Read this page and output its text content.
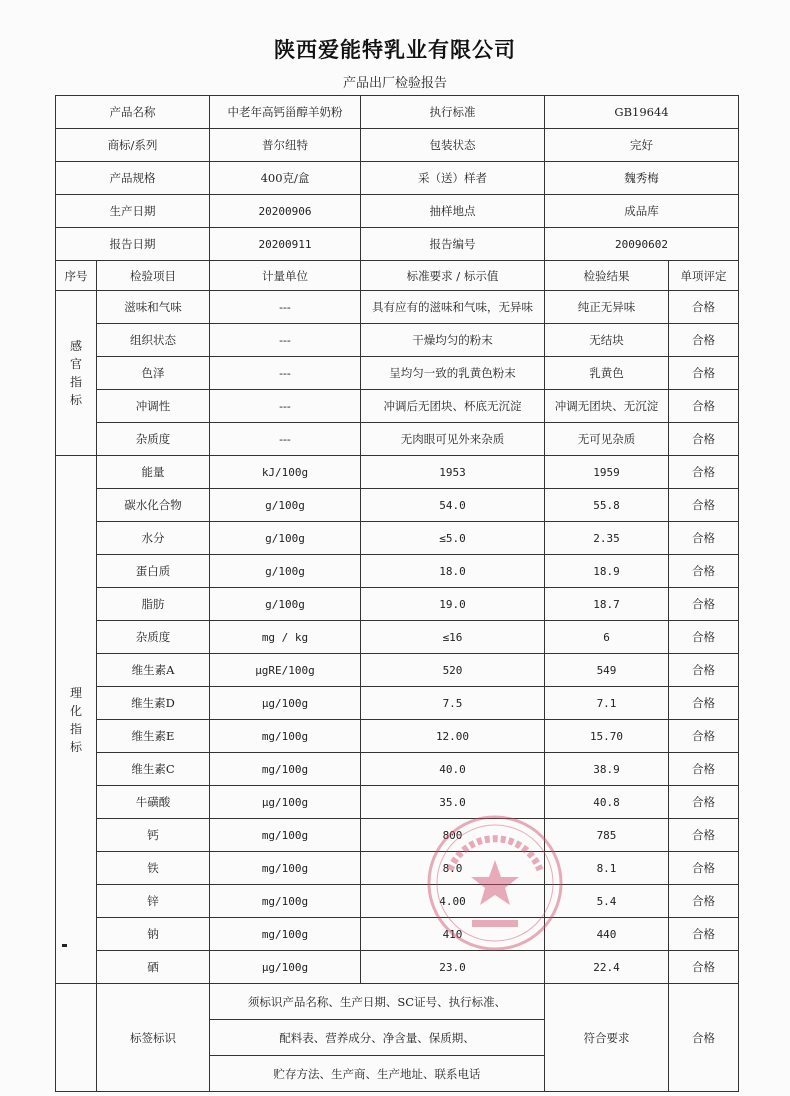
陕西爱能特乳业有限公司
产品出厂检验报告
产品名称		中老年高钙甾醇羊奶粉	执行标准	GB19644	
商标/系列		普尔纽特	包装状态	完好	
产品规格		400克/盒	采（送）样者	魏秀梅	
生产日期		20200906	抽样地点	成品库	
报告日期		20200911	报告编号	20090602	
序号	检验项目	计量单位	标准要求 / 标示值	检验结果	单项评定
感
官
指
标	滋味和气味	---	具有应有的滋味和气味，无异味	纯正无异味	合格
	组织状态	---	干燥均匀的粉末	无结块	合格
	色泽	---	呈均匀一致的乳黄色粉末	乳黄色	合格
	冲调性	---	冲调后无团块、杯底无沉淀	冲调无团块、无沉淀	合格
	杂质度	---	无肉眼可见外来杂质	无可见杂质	合格
理
化
指
标	能量	kJ/100g	1953	1959	合格
	碳水化合物	g/100g	54.0	55.8	合格
	水分	g/100g	≤5.0	2.35	合格
	蛋白质	g/100g	18.0	18.9	合格
	脂肪	g/100g	19.0	18.7	合格
	杂质度	mg / kg	≤16	6	合格
	维生素A	μgRE/100g	520	549	合格
	维生素D	μg/100g	7.5	7.1	合格
	维生素E	mg/100g	12.00	15.70	合格
	维生素C	mg/100g	40.0	38.9	合格
	牛磺酸	μg/100g	35.0	40.8	合格
	钙	mg/100g	800	785	合格
	铁	mg/100g	8.0	8.1	合格
	锌	mg/100g	4.00	5.4	合格
	钠	mg/100g	410	440	合格
	硒	μg/100g	23.0	22.4	合格
	标签标识	须标识产品名称、生产日期、SC证号、执行标准、		符合要求	合格
		配料表、营养成分、净含量、保质期、			
		贮存方法、生产商、生产地址、联系电话			
